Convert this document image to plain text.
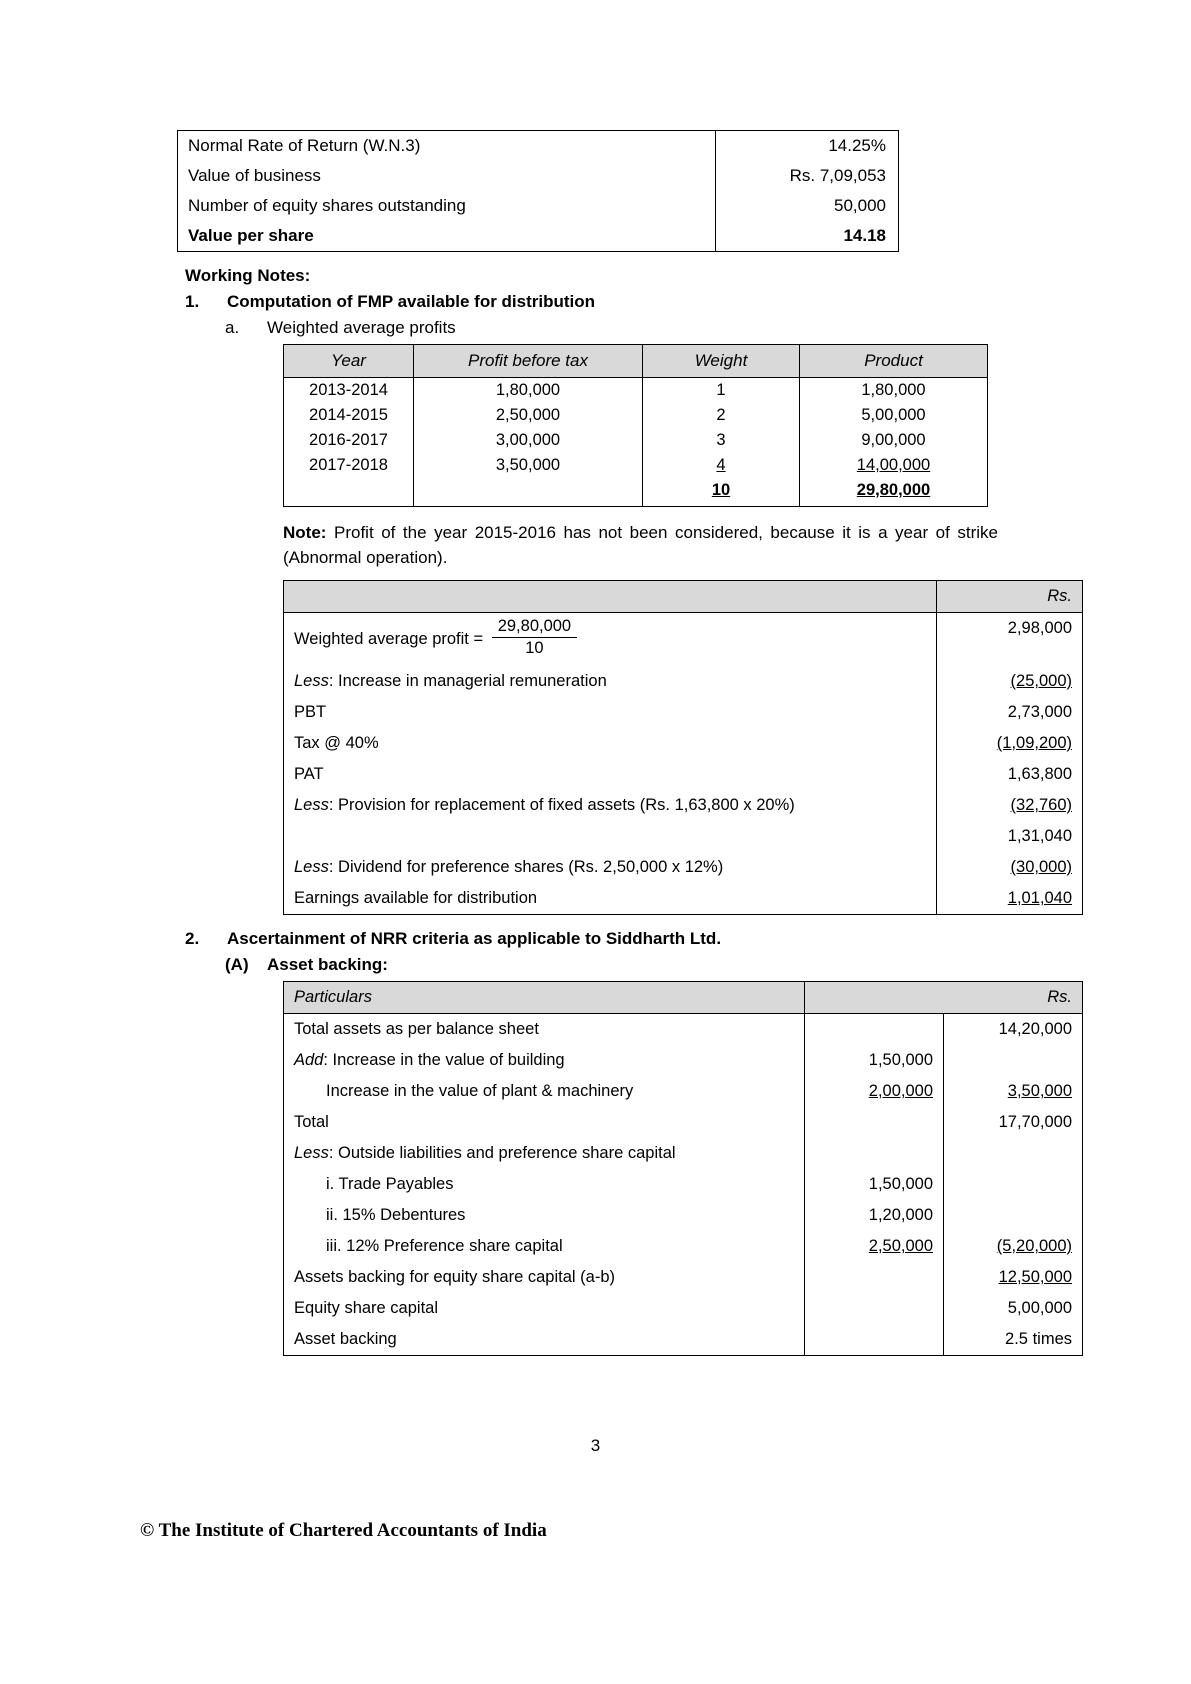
Normal Rate of Return (W.N.3)	14.25%
Value of business	Rs. 7,09,053
Number of equity shares outstanding	50,000
Value per share	14.18
Working Notes:
1.	Computation of FMP available for distribution
a.	Weighted average profits
Year	Profit before tax	Weight	Product
2013-2014	1,80,000	1	1,80,000
2014-2015	2,50,000	2	5,00,000
2016-2017	3,00,000	3	9,00,000
2017-2018	3,50,000	4	14,00,000
		10	29,80,000
Note: Profit of the year 2015-2016 has not been considered, because it is a year of strike (Abnormal operation).
	Rs.
Weighted average profit = $\frac{29,80,000}{10}$	2,98,000
Less: Increase in managerial remuneration	(25,000)
PBT	2,73,000
Tax @ 40%	(1,09,200)
PAT	1,63,800
Less: Provision for replacement of fixed assets (Rs. 1,63,800 x 20%)	(32,760)
	1,31,040
Less: Dividend for preference shares (Rs. 2,50,000 x 12%)	(30,000)
Earnings available for distribution	1,01,040
2.	Ascertainment of NRR criteria as applicable to Siddharth Ltd.
(A)	Asset backing:
Particulars		Rs.
Total assets as per balance sheet		14,20,000
Add: Increase in the value of building	1,50,000	
Increase in the value of plant & machinery	2,00,000	3,50,000
Total		17,70,000
Less: Outside liabilities and preference share capital		
i. Trade Payables	1,50,000	
ii. 15% Debentures	1,20,000	
iii. 12% Preference share capital	2,50,000	(5,20,000)
Assets backing for equity share capital (a-b)		12,50,000
Equity share capital		5,00,000
Asset backing		2.5 times
3
© The Institute of Chartered Accountants of India
